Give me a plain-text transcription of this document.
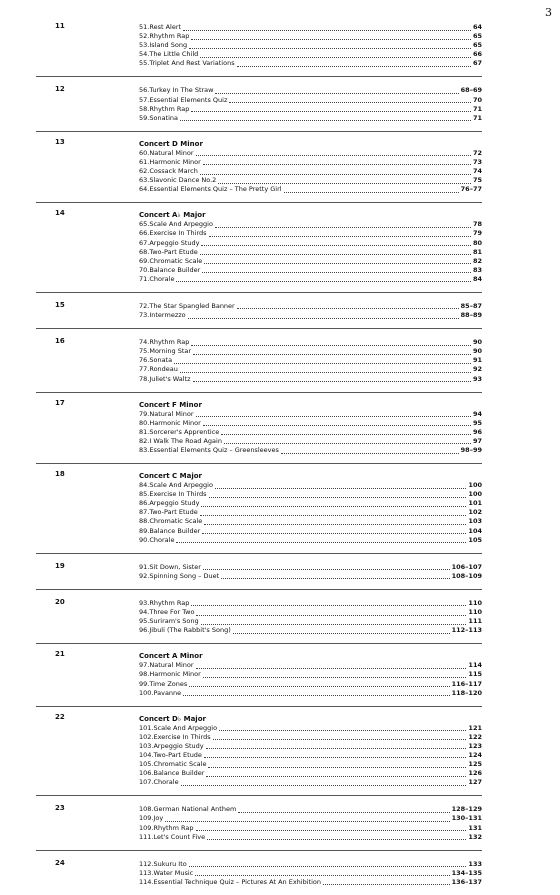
3
11	51. Rest Alert	64
52. Rhythm Rap	65
53. Island Song	65
54. The Little Child	66
55. Triplet And Rest Variations	67
12	56. Turkey In The Straw	68–69
57. Essential Elements Quiz	70
58. Rhythm Rap	71
59. Sonatina	71
13	Concert D Minor
60. Natural Minor	72
61. Harmonic Minor	73
62. Cossack March	74
63. Slavonic Dance No.2	75
64. Essential Elements Quiz – The Pretty Girl	76–77
14	Concert A♭ Major
65. Scale And Arpeggio	78
66. Exercise In Thirds	79
67. Arpeggio Study	80
68. Two-Part Etude	81
69. Chromatic Scale	82
70. Balance Builder	83
71. Chorale	84
15	72. The Star Spangled Banner	85–87
73. Intermezzo	88–89
16	74. Rhythm Rap	90
75. Morning Star	90
76. Sonata	91
77. Rondeau	92
78. Juliet's Waltz	93
17	Concert F Minor
79. Natural Minor	94
80. Harmonic Minor	95
81. Sorcerer's Apprentice	96
82. I Walk The Road Again	97
83. Essential Elements Quiz – Greensleeves	98–99
18	Concert C Major
84. Scale And Arpeggio	100
85. Exercise In Thirds	100
86. Arpeggio Study	101
87. Two-Part Etude	102
88. Chromatic Scale	103
89. Balance Builder	104
90. Chorale	105
19	91. Sit Down, Sister	106–107
92. Spinning Song – Duet	108–109
20	93. Rhythm Rap	110
94. Three For Two	110
95. Suriram's Song	111
96. Jibuli (The Rabbit's Song)	112–113
21	Concert A Minor
97. Natural Minor	114
98. Harmonic Minor	115
99. Time Zones	116–117
100. Pavanne	118–120
22	Concert D♭ Major
101. Scale And Arpeggio	121
102. Exercise In Thirds	122
103. Arpeggio Study	123
104. Two-Part Etude	124
105. Chromatic Scale	125
106. Balance Builder	126
107. Chorale	127
23	108. German National Anthem	128–129
109. Joy	130–131
109. Rhythm Rap	131
111. Let's Count Five	132
24	112. Sukuru Ito	133
113. Water Music	134–135
114. Essential Technique Quiz – Pictures At An Exhibition	136–137
